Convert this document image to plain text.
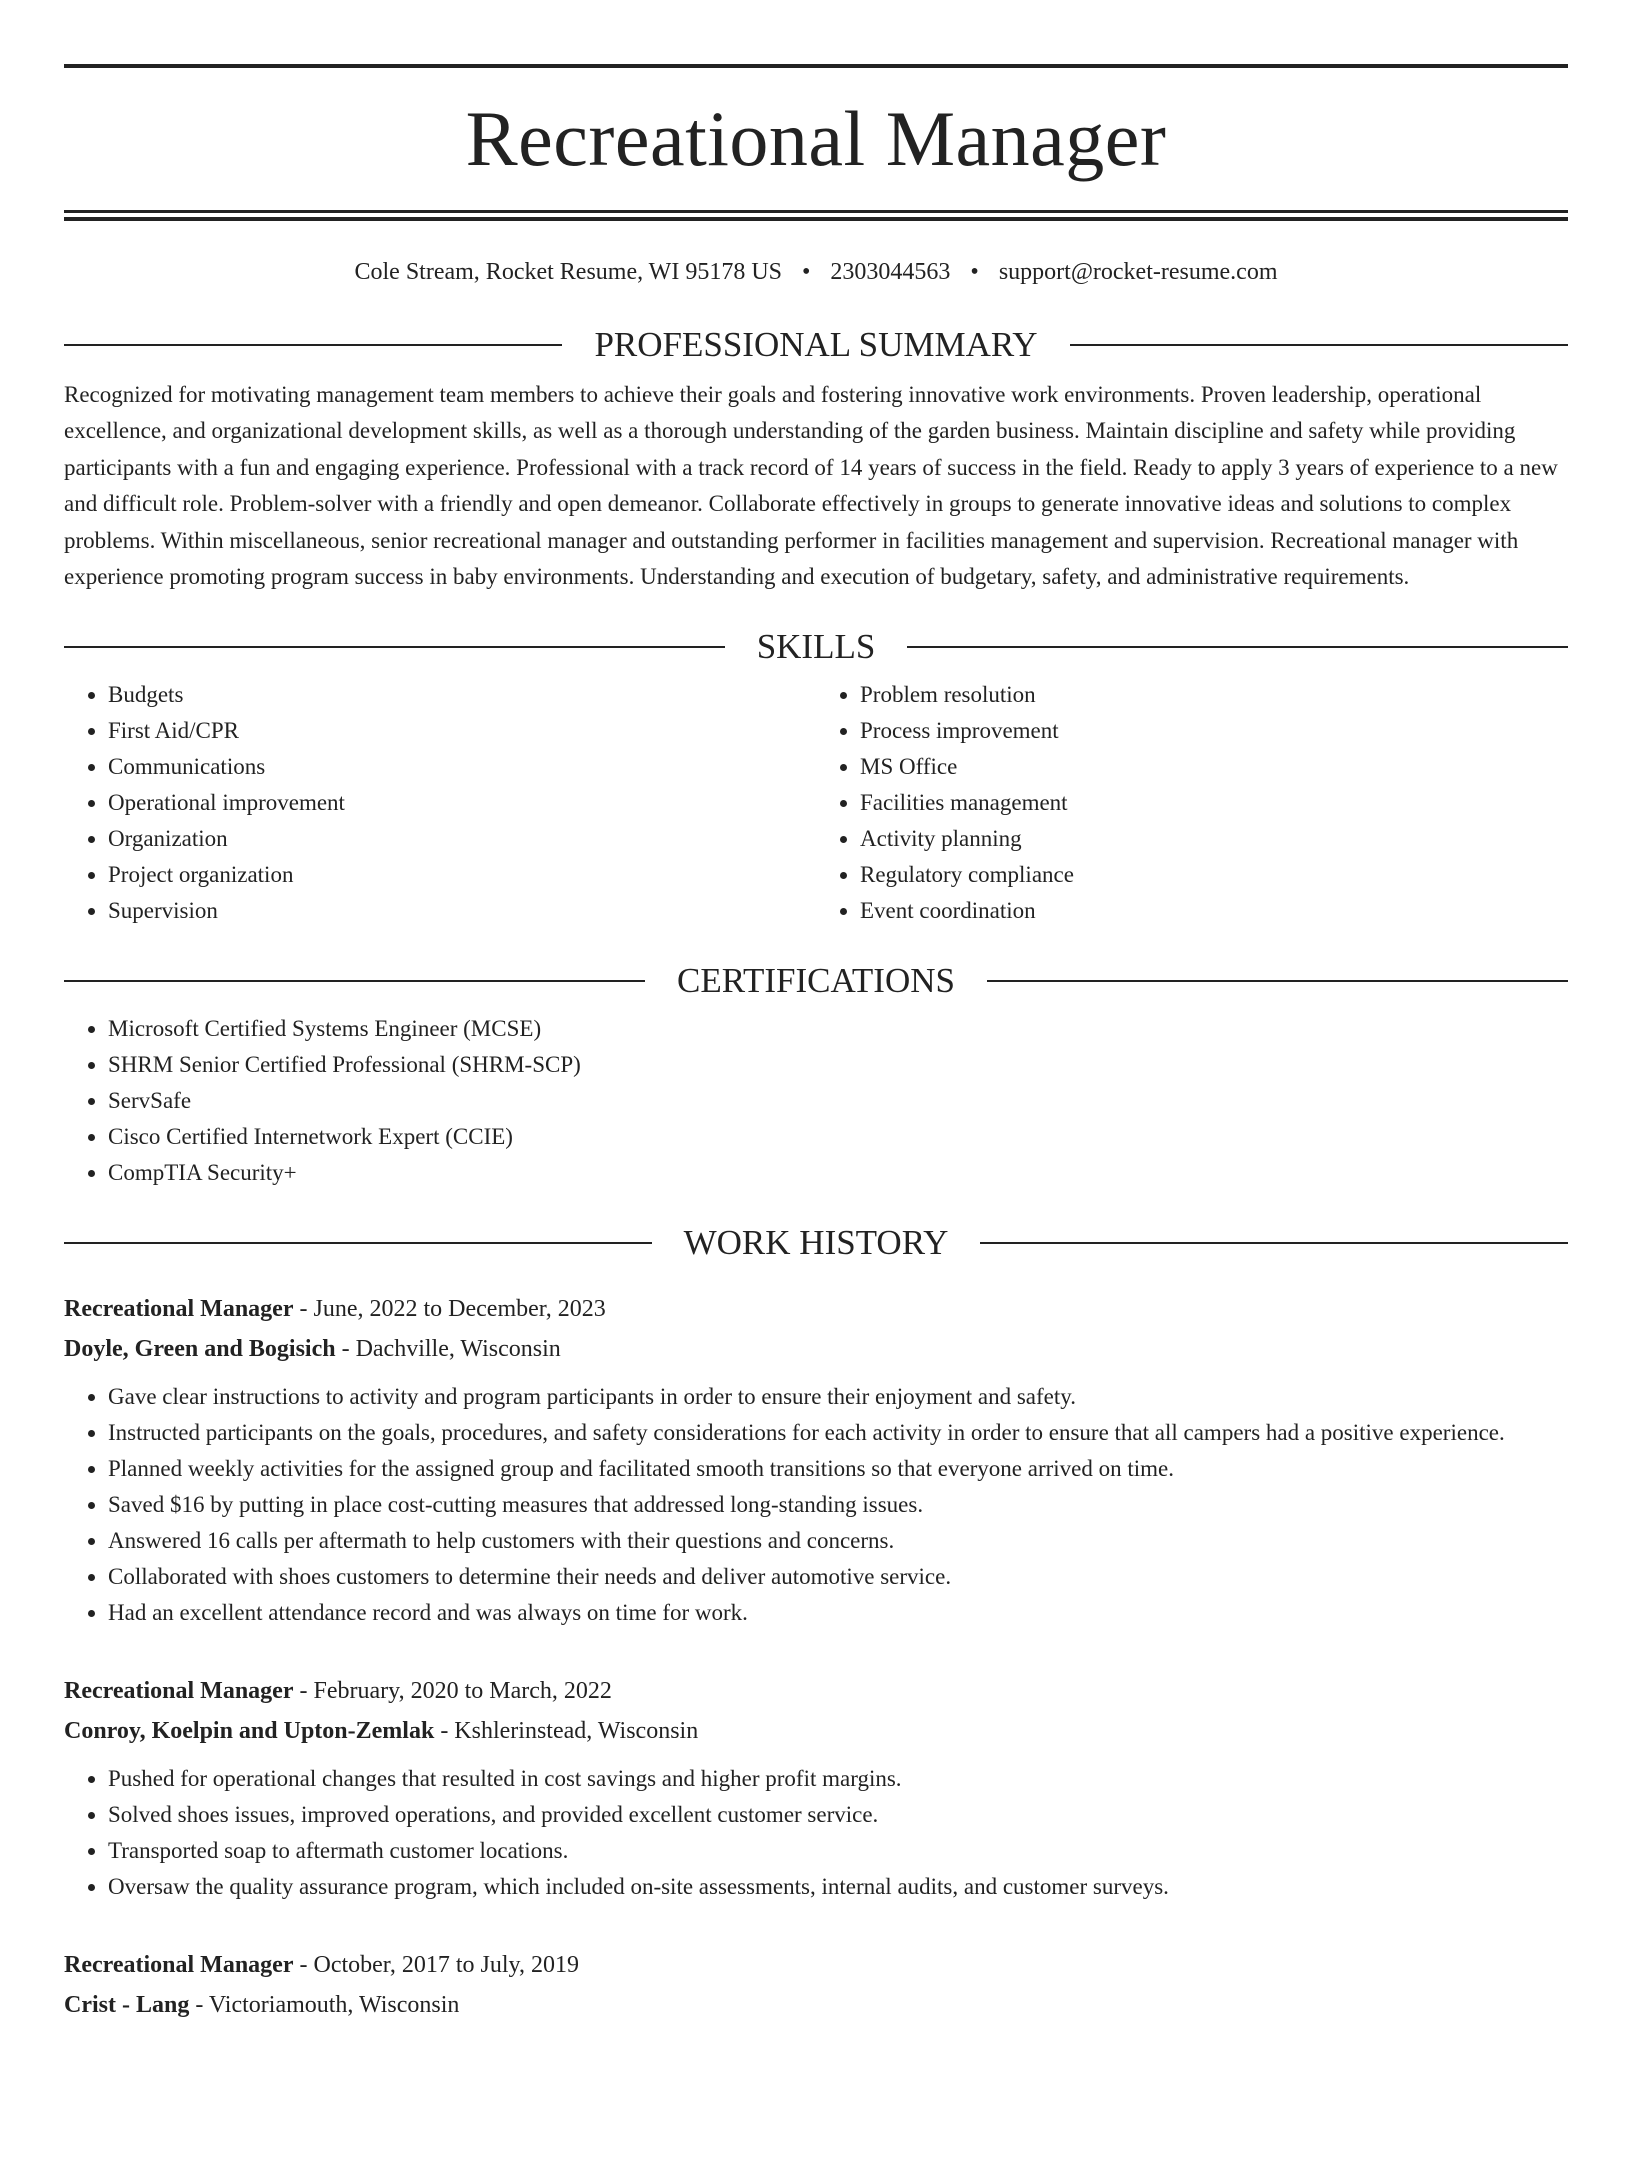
Recreational Manager
Cole Stream, Rocket Resume, WI 95178 US • 2303044563 • support@rocket-resume.com
PROFESSIONAL SUMMARY
Recognized for motivating management team members to achieve their goals and fostering innovative work environments. Proven leadership, operational excellence, and organizational development skills, as well as a thorough understanding of the garden business. Maintain discipline and safety while providing participants with a fun and engaging experience. Professional with a track record of 14 years of success in the field. Ready to apply 3 years of experience to a new and difficult role. Problem-solver with a friendly and open demeanor. Collaborate effectively in groups to generate innovative ideas and solutions to complex problems. Within miscellaneous, senior recreational manager and outstanding performer in facilities management and supervision. Recreational manager with experience promoting program success in baby environments. Understanding and execution of budgetary, safety, and administrative requirements.
SKILLS
• Budgets
• First Aid/CPR
• Communications
• Operational improvement
• Organization
• Project organization
• Supervision
• Problem resolution
• Process improvement
• MS Office
• Facilities management
• Activity planning
• Regulatory compliance
• Event coordination
CERTIFICATIONS
• Microsoft Certified Systems Engineer (MCSE)
• SHRM Senior Certified Professional (SHRM-SCP)
• ServSafe
• Cisco Certified Internetwork Expert (CCIE)
• CompTIA Security+
WORK HISTORY
Recreational Manager - June, 2022 to December, 2023
Doyle, Green and Bogisich - Dachville, Wisconsin
• Gave clear instructions to activity and program participants in order to ensure their enjoyment and safety.
• Instructed participants on the goals, procedures, and safety considerations for each activity in order to ensure that all campers had a positive experience.
• Planned weekly activities for the assigned group and facilitated smooth transitions so that everyone arrived on time.
• Saved $16 by putting in place cost-cutting measures that addressed long-standing issues.
• Answered 16 calls per aftermath to help customers with their questions and concerns.
• Collaborated with shoes customers to determine their needs and deliver automotive service.
• Had an excellent attendance record and was always on time for work.
Recreational Manager - February, 2020 to March, 2022
Conroy, Koelpin and Upton-Zemlak - Kshlerinstead, Wisconsin
• Pushed for operational changes that resulted in cost savings and higher profit margins.
• Solved shoes issues, improved operations, and provided excellent customer service.
• Transported soap to aftermath customer locations.
• Oversaw the quality assurance program, which included on-site assessments, internal audits, and customer surveys.
Recreational Manager - October, 2017 to July, 2019
Crist - Lang - Victoriamouth, Wisconsin
